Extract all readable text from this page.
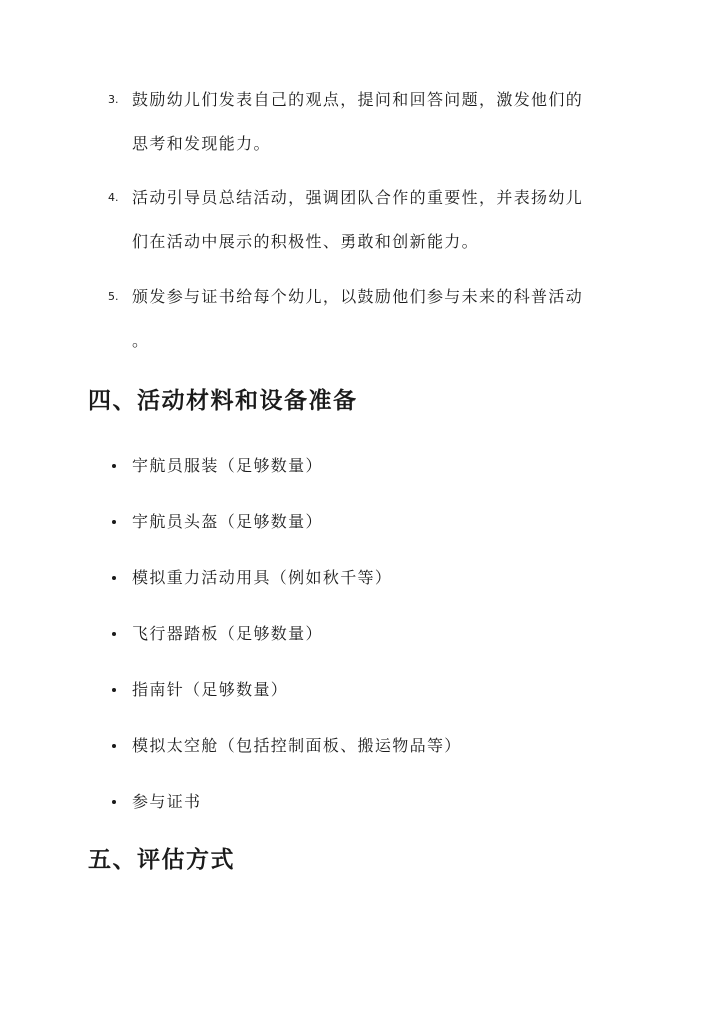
3. 鼓励幼儿们发表自己的观点，提问和回答问题，激发他们的
思考和发现能力。
4. 活动引导员总结活动，强调团队合作的重要性，并表扬幼儿
们在活动中展示的积极性、勇敢和创新能力。
5. 颁发参与证书给每个幼儿，以鼓励他们参与未来的科普活动
。
四、活动材料和设备准备
宇航员服装（足够数量）
宇航员头盔（足够数量）
模拟重力活动用具（例如秋千等）
飞行器踏板（足够数量）
指南针（足够数量）
模拟太空舱（包括控制面板、搬运物品等）
参与证书
五、评估方式
